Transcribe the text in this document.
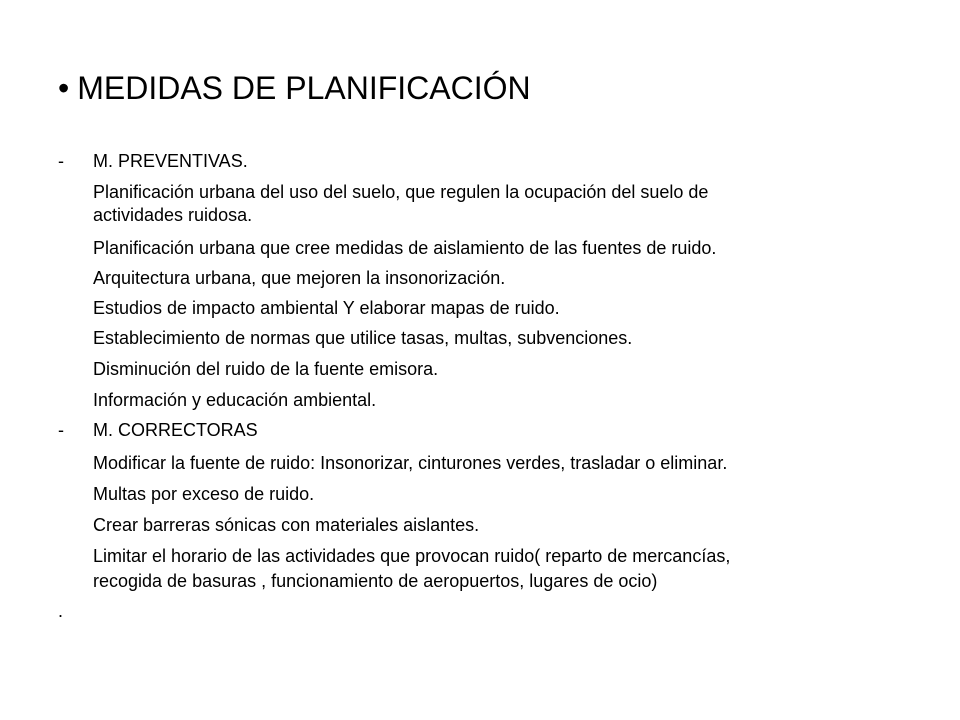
• MEDIDAS DE PLANIFICACIÓN
- M. PREVENTIVAS.
Planificación urbana del uso del suelo, que regulen la ocupación del suelo de
actividades ruidosa.
Planificación urbana que cree medidas de aislamiento de las fuentes de ruido.
Arquitectura urbana, que mejoren la insonorización.
Estudios de impacto ambiental Y elaborar mapas de ruido.
Establecimiento de normas que utilice tasas, multas, subvenciones.
Disminución del ruido de la fuente emisora.
Información y educación ambiental.
- M. CORRECTORAS
Modificar la fuente de ruido: Insonorizar, cinturones verdes, trasladar o eliminar.
Multas por exceso de ruido.
Crear barreras sónicas con materiales aislantes.
Limitar el horario de las actividades que provocan ruido( reparto de mercancías,
recogida de basuras , funcionamiento de aeropuertos, lugares de ocio)
.
